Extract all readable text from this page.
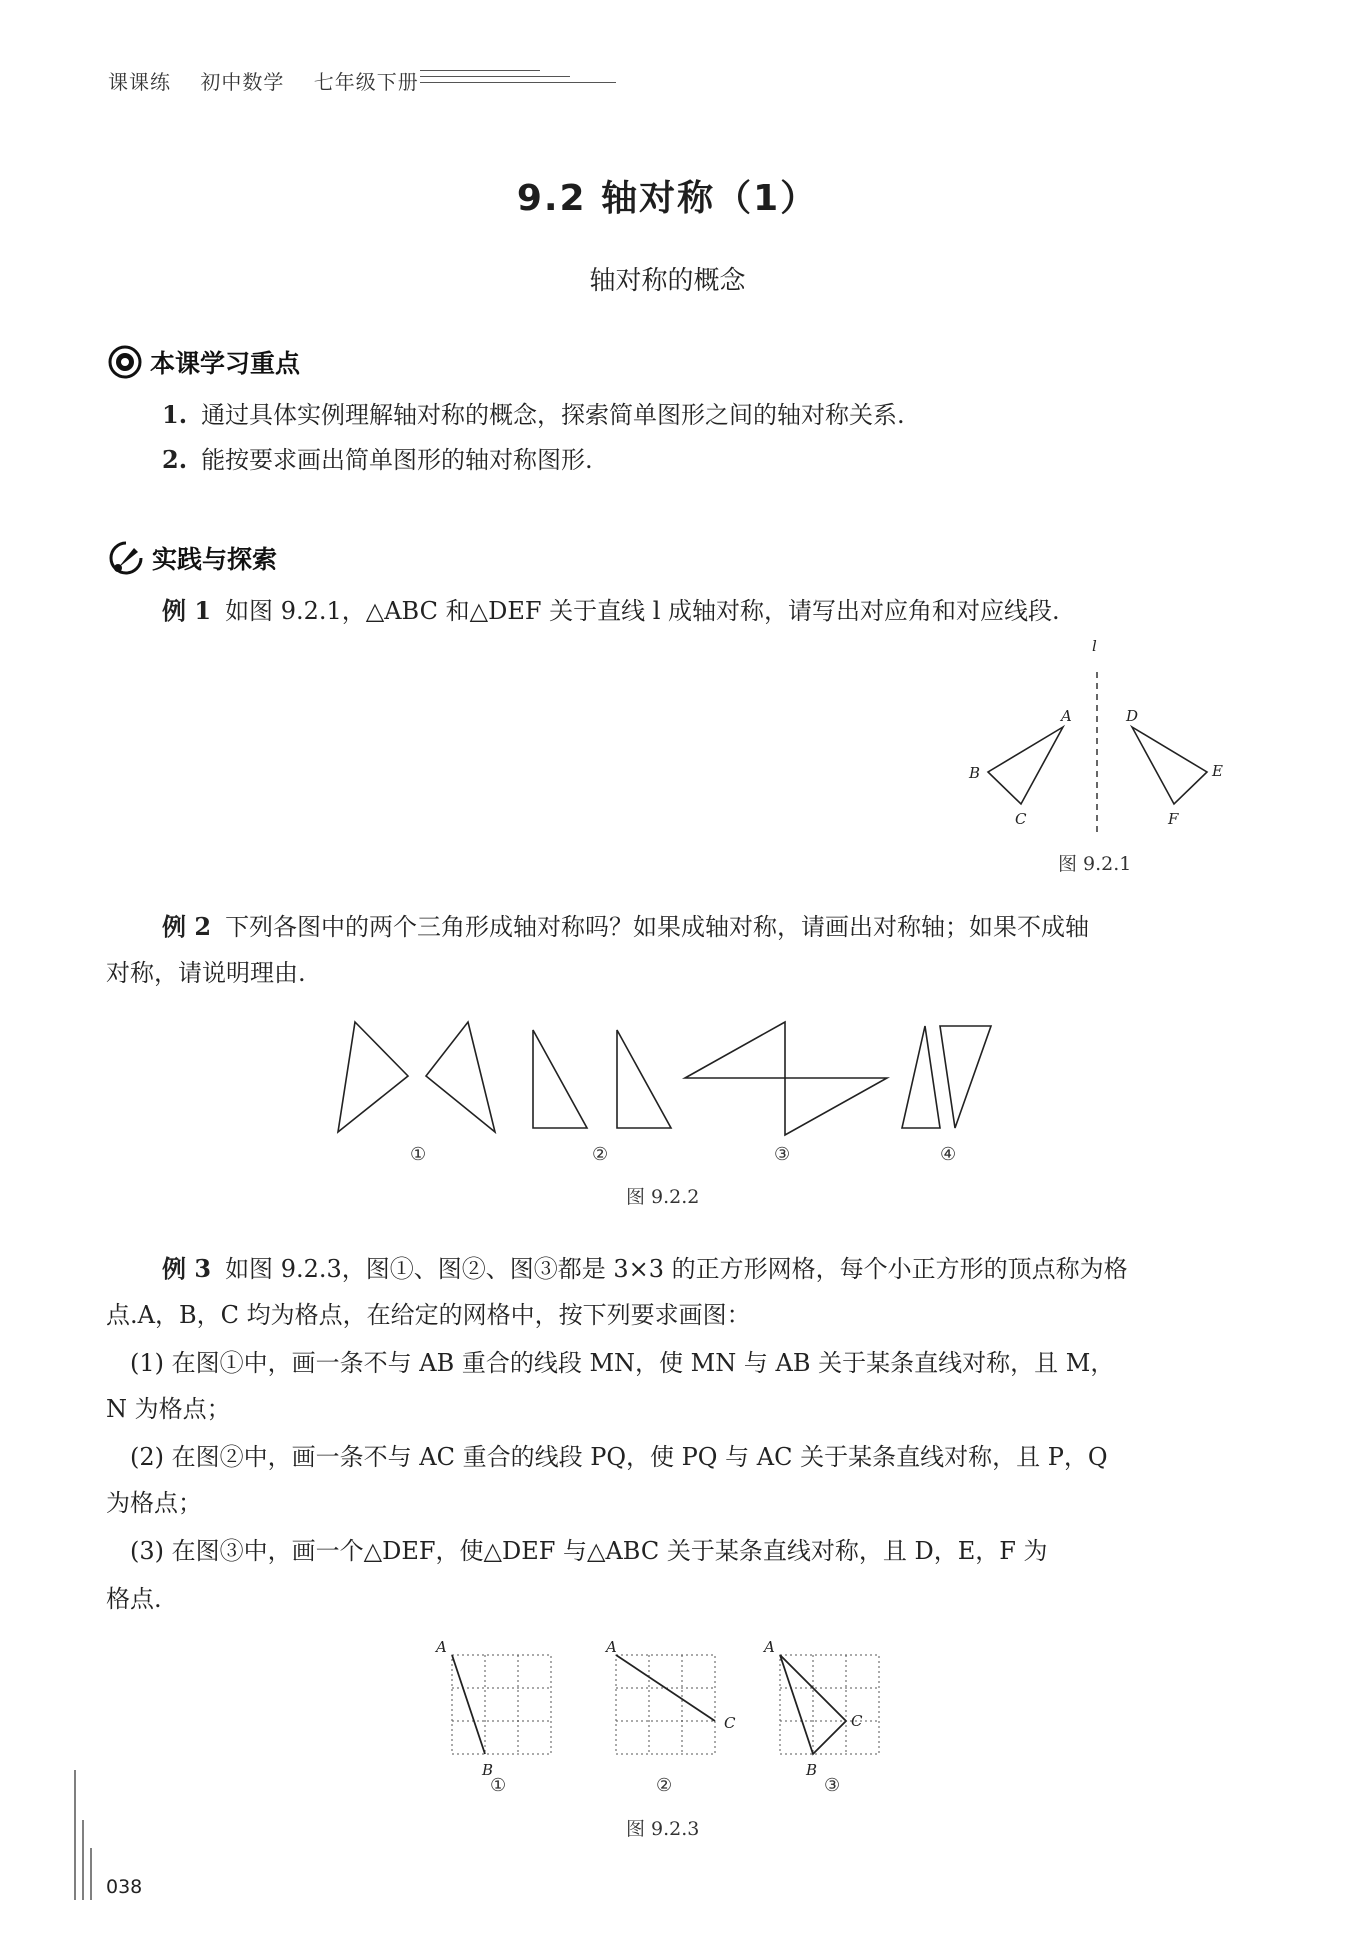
课课练 初中数学 七年级下册
9.2 轴对称（1）
轴对称的概念
本课学习重点
1. 通过具体实例理解轴对称的概念，探索简单图形之间的轴对称关系.
2. 能按要求画出简单图形的轴对称图形.
实践与探索
例 1 如图 9.2.1，△ABC 和△DEF 关于直线 l 成轴对称，请写出对应角和对应线段.
l
A
B
C
D
E
F
图 9.2.1
例 2 下列各图中的两个三角形成轴对称吗？如果成轴对称，请画出对称轴；如果不成轴
对称，请说明理由.
①	②	③	④
图 9.2.2
例 3 如图 9.2.3，图①、图②、图③都是 3×3 的正方形网格，每个小正方形的顶点称为格
点.A，B，C 均为格点，在给定的网格中，按下列要求画图：
(1) 在图①中，画一条不与 AB 重合的线段 MN，使 MN 与 AB 关于某条直线对称，且 M，
N 为格点；
(2) 在图②中，画一条不与 AC 重合的线段 PQ，使 PQ 与 AC 关于某条直线对称，且 P，Q
为格点；
(3) 在图③中，画一个△DEF，使△DEF 与△ABC 关于某条直线对称，且 D，E，F 为
格点.
A
B
A
C
A
B
C
①	②	③
图 9.2.3
038
